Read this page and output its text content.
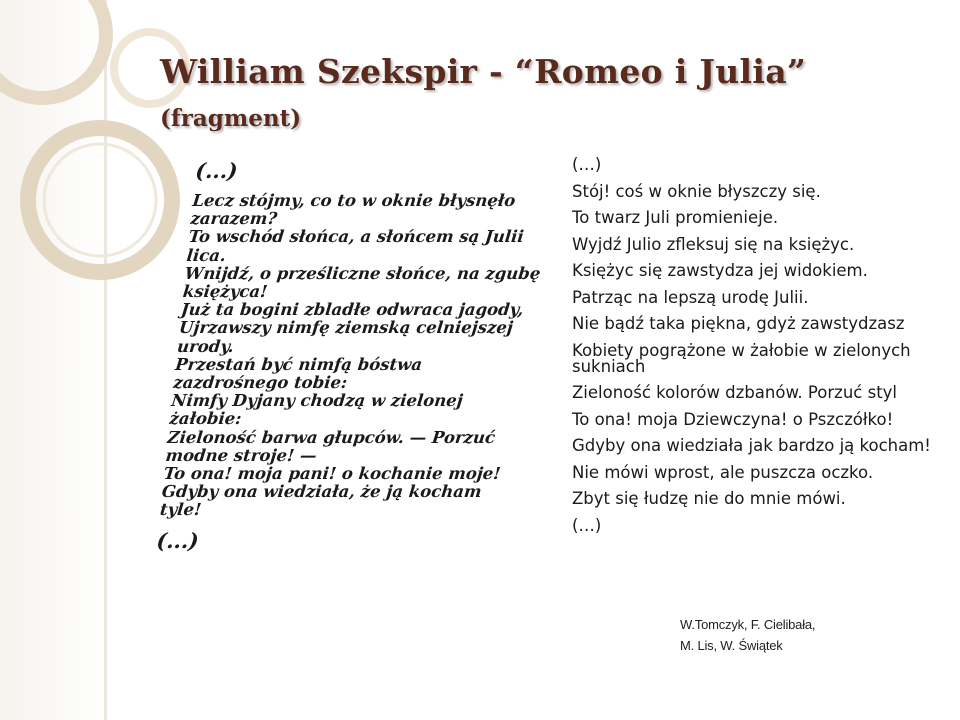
William Szekspir - “Romeo i Julia”
(fragment)
(...)
Lecz stójmy, co to w oknie błysnęło
zarazem?
To wschód słońca, a słońcem są Julii
lica.
Wnijdź, o prześliczne słońce, na zgubę
księżyca!
Już ta bogini zbladłe odwraca jagody,
Ujrzawszy nimfę ziemską celniejszej
urody.
Przestań być nimfą bóstwa
zazdrośnego tobie:
Nimfy Dyjany chodzą w zielonej
żałobie:
Zieloność barwa głupców. — Porzuć
modne stroje! —
To ona! moja pani! o kochanie moje!
Gdyby ona wiedziała, że ją kocham
tyle!
(...)
(…)
Stój! coś w oknie błyszczy się.
To twarz Juli promienieje.
Wyjdź Julio zfleksuj się na księżyc.
Księżyc się zawstydza jej widokiem.
Patrząc na lepszą urodę Julii.
Nie bądź taka piękna, gdyż zawstydzasz
Kobiety pogrążone w żałobie w zielonych sukniach
Zieloność kolorów dzbanów. Porzuć styl
To ona! moja Dziewczyna! o Pszczółko!
Gdyby ona wiedziała jak bardzo ją kocham!
Nie mówi wprost, ale puszcza oczko.
Zbyt się łudzę nie do mnie mówi.
(…)
W.Tomczyk, F. Cielibała,
M. Lis, W. Świątek
